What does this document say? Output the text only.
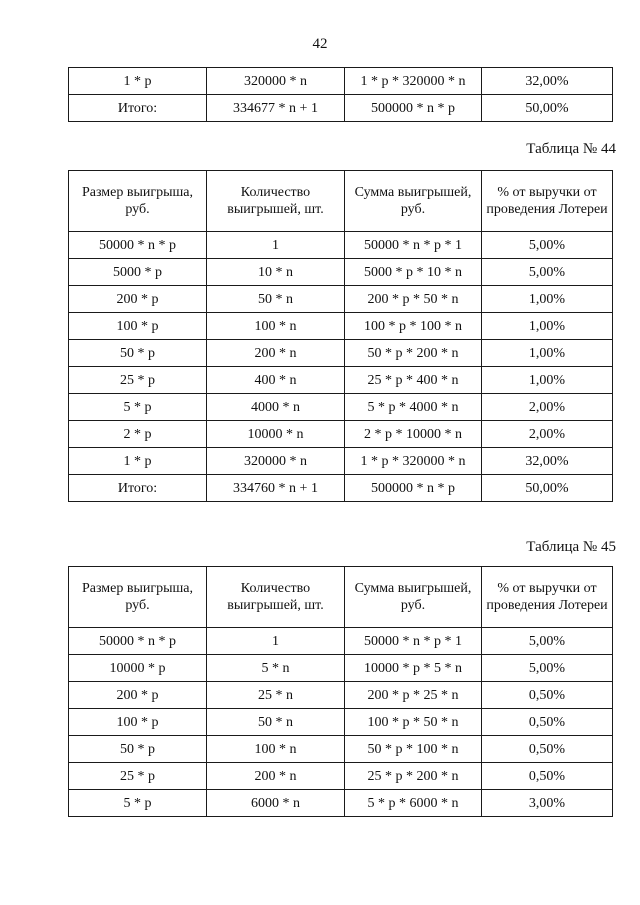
42
1 * p	320000 * n	1 * p * 320000 * n	32,00%
Итого:	334677 * n + 1	500000 * n * p	50,00%
Таблица № 44
Размер выигрыша, руб.	Количество выигрышей, шт.	Сумма выигрышей, руб.	% от выручки от проведения Лотереи
50000 * n * p	1	50000 * n * p * 1	5,00%
5000 * p	10 * n	5000 * p * 10 * n	5,00%
200 * p	50 * n	200 * p * 50 * n	1,00%
100 * p	100 * n	100 * p * 100 * n	1,00%
50 * p	200 * n	50 * p * 200 * n	1,00%
25 * p	400 * n	25 * p * 400 * n	1,00%
5 * p	4000 * n	5 * p * 4000 * n	2,00%
2 * p	10000 * n	2 * p * 10000 * n	2,00%
1 * p	320000 * n	1 * p * 320000 * n	32,00%
Итого:	334760 * n + 1	500000 * n * p	50,00%
Таблица № 45
Размер выигрыша, руб.	Количество выигрышей, шт.	Сумма выигрышей, руб.	% от выручки от проведения Лотереи
50000 * n * p	1	50000 * n * p * 1	5,00%
10000 * p	5 * n	10000 * p * 5 * n	5,00%
200 * p	25 * n	200 * p * 25 * n	0,50%
100 * p	50 * n	100 * p * 50 * n	0,50%
50 * p	100 * n	50 * p * 100 * n	0,50%
25 * p	200 * n	25 * p * 200 * n	0,50%
5 * p	6000 * n	5 * p * 6000 * n	3,00%
